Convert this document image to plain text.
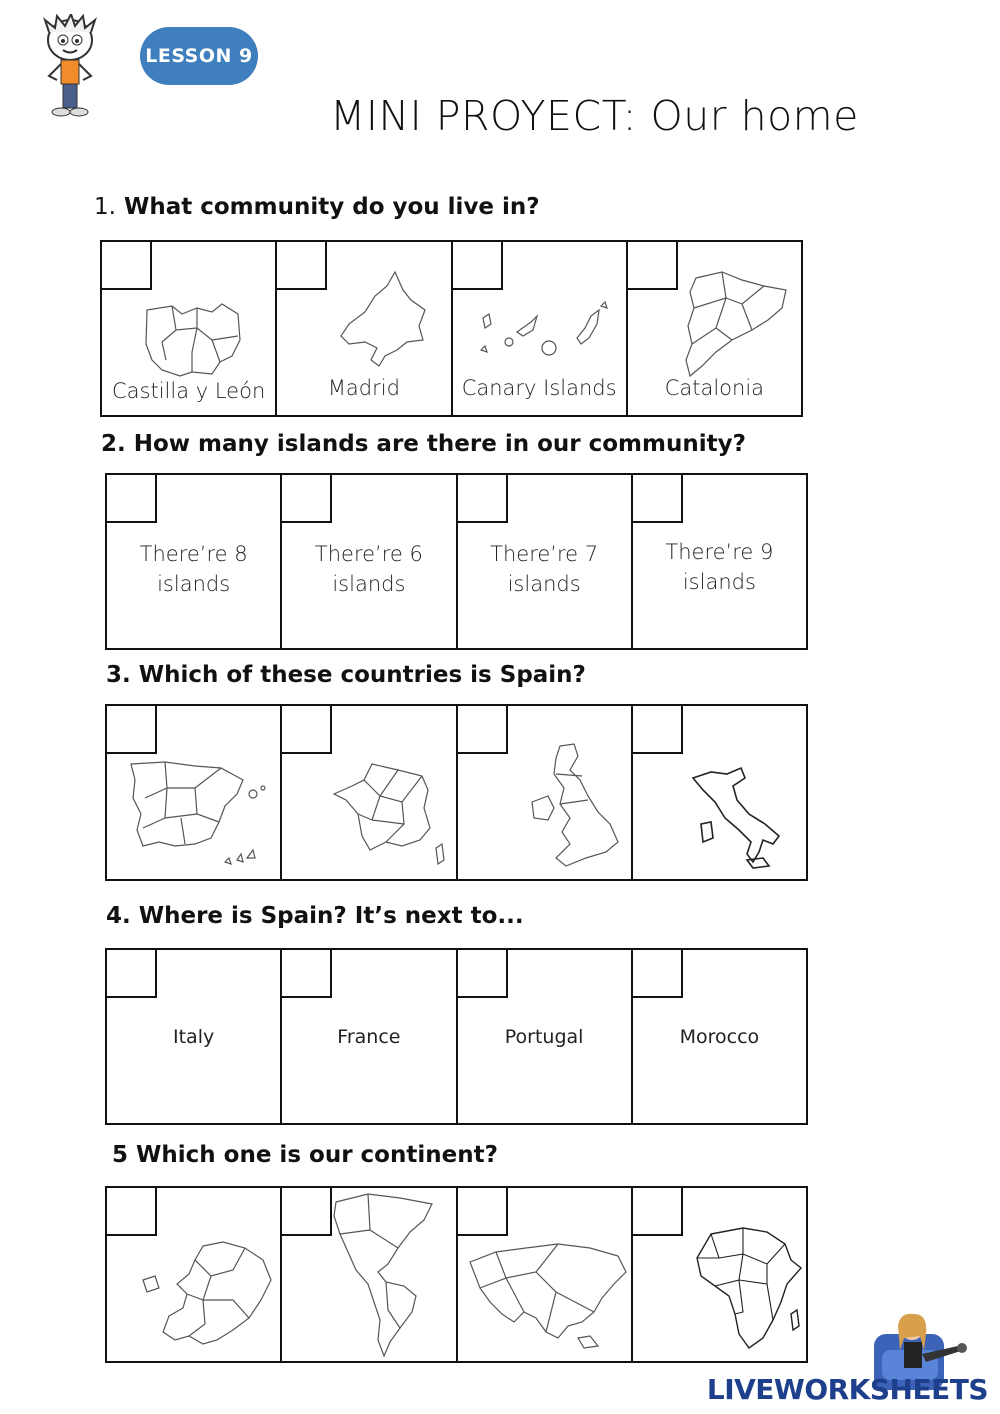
LESSON 9
MINI PROYECT: Our home
1. What community do you live in?
Castilla y León	Madrid	Canary Islands	Catalonia
2. How many islands are there in our community?
There’re 8
islands
There’re 6
islands
There’re 7
islands
There’re 9
islands
3. Which of these countries is Spain?
4. Where is Spain? It’s next to...
Italy	France	Portugal	Morocco
5 Which one is our continent?
LIVEWORKSHEETS
